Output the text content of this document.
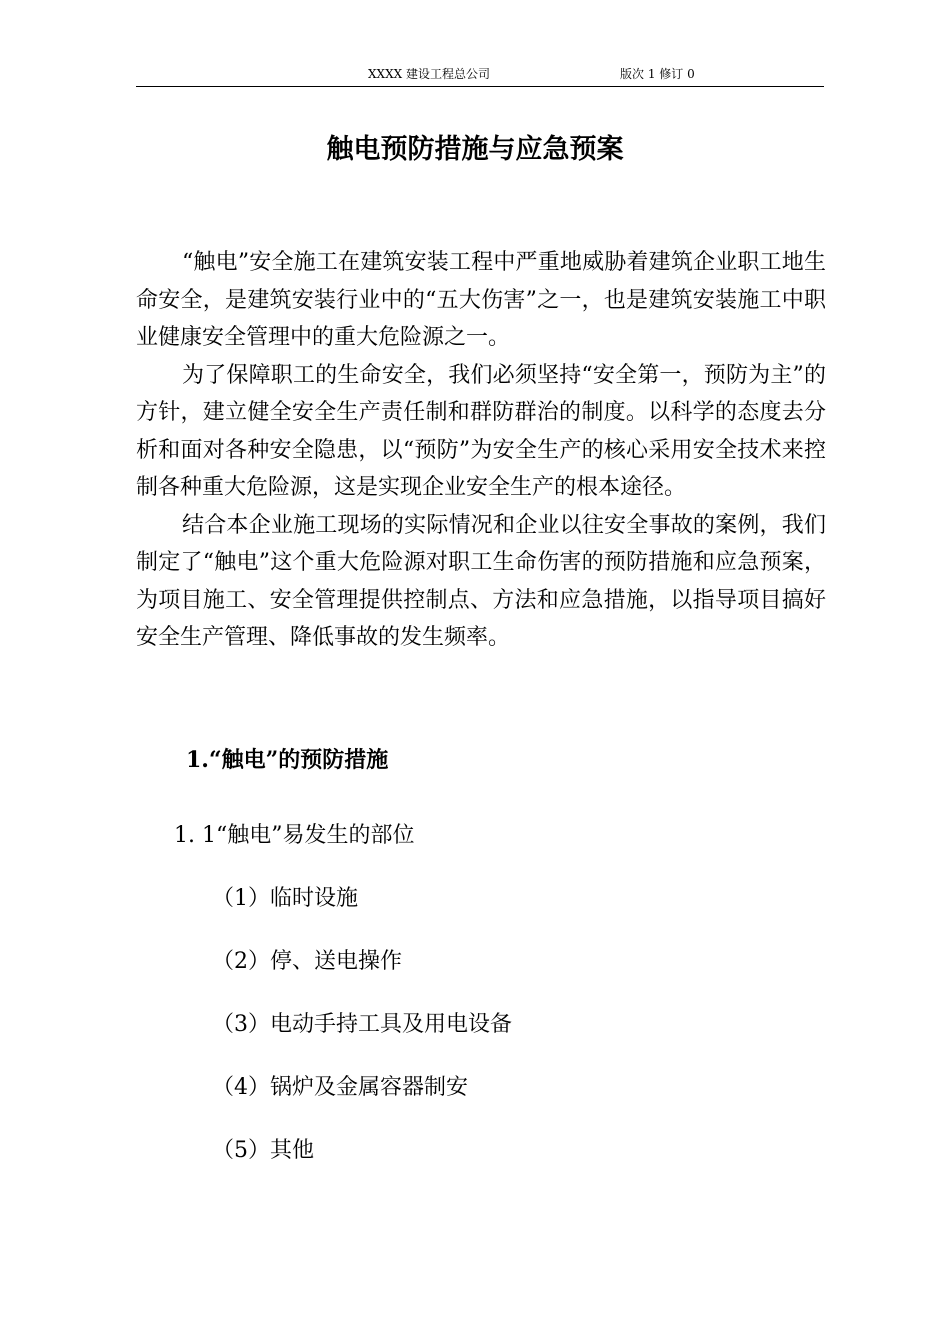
XXXX 建设工程总公司	版次 1 修订 0
触电预防措施与应急预案

“触电”安全施工在建筑安装工程中严重地威胁着建筑企业职工地生命安全，是建筑安装行业中的“五大伤害”之一，也是建筑安装施工中职业健康安全管理中的重大危险源之一。

为了保障职工的生命安全，我们必须坚持“安全第一，预防为主”的方针，建立健全安全生产责任制和群防群治的制度。以科学的态度去分析和面对各种安全隐患，以“预防”为安全生产的核心采用安全技术来控制各种重大危险源，这是实现企业安全生产的根本途径。

结合本企业施工现场的实际情况和企业以往安全事故的案例，我们制定了“触电”这个重大危险源对职工生命伤害的预防措施和应急预案，为项目施工、安全管理提供控制点、方法和应急措施，以指导项目搞好安全生产管理、降低事故的发生频率。

1.“触电”的预防措施
1. 1“触电”易发生的部位
（1）临时设施
（2）停、送电操作
（3）电动手持工具及用电设备
（4）锅炉及金属容器制安
（5）其他
